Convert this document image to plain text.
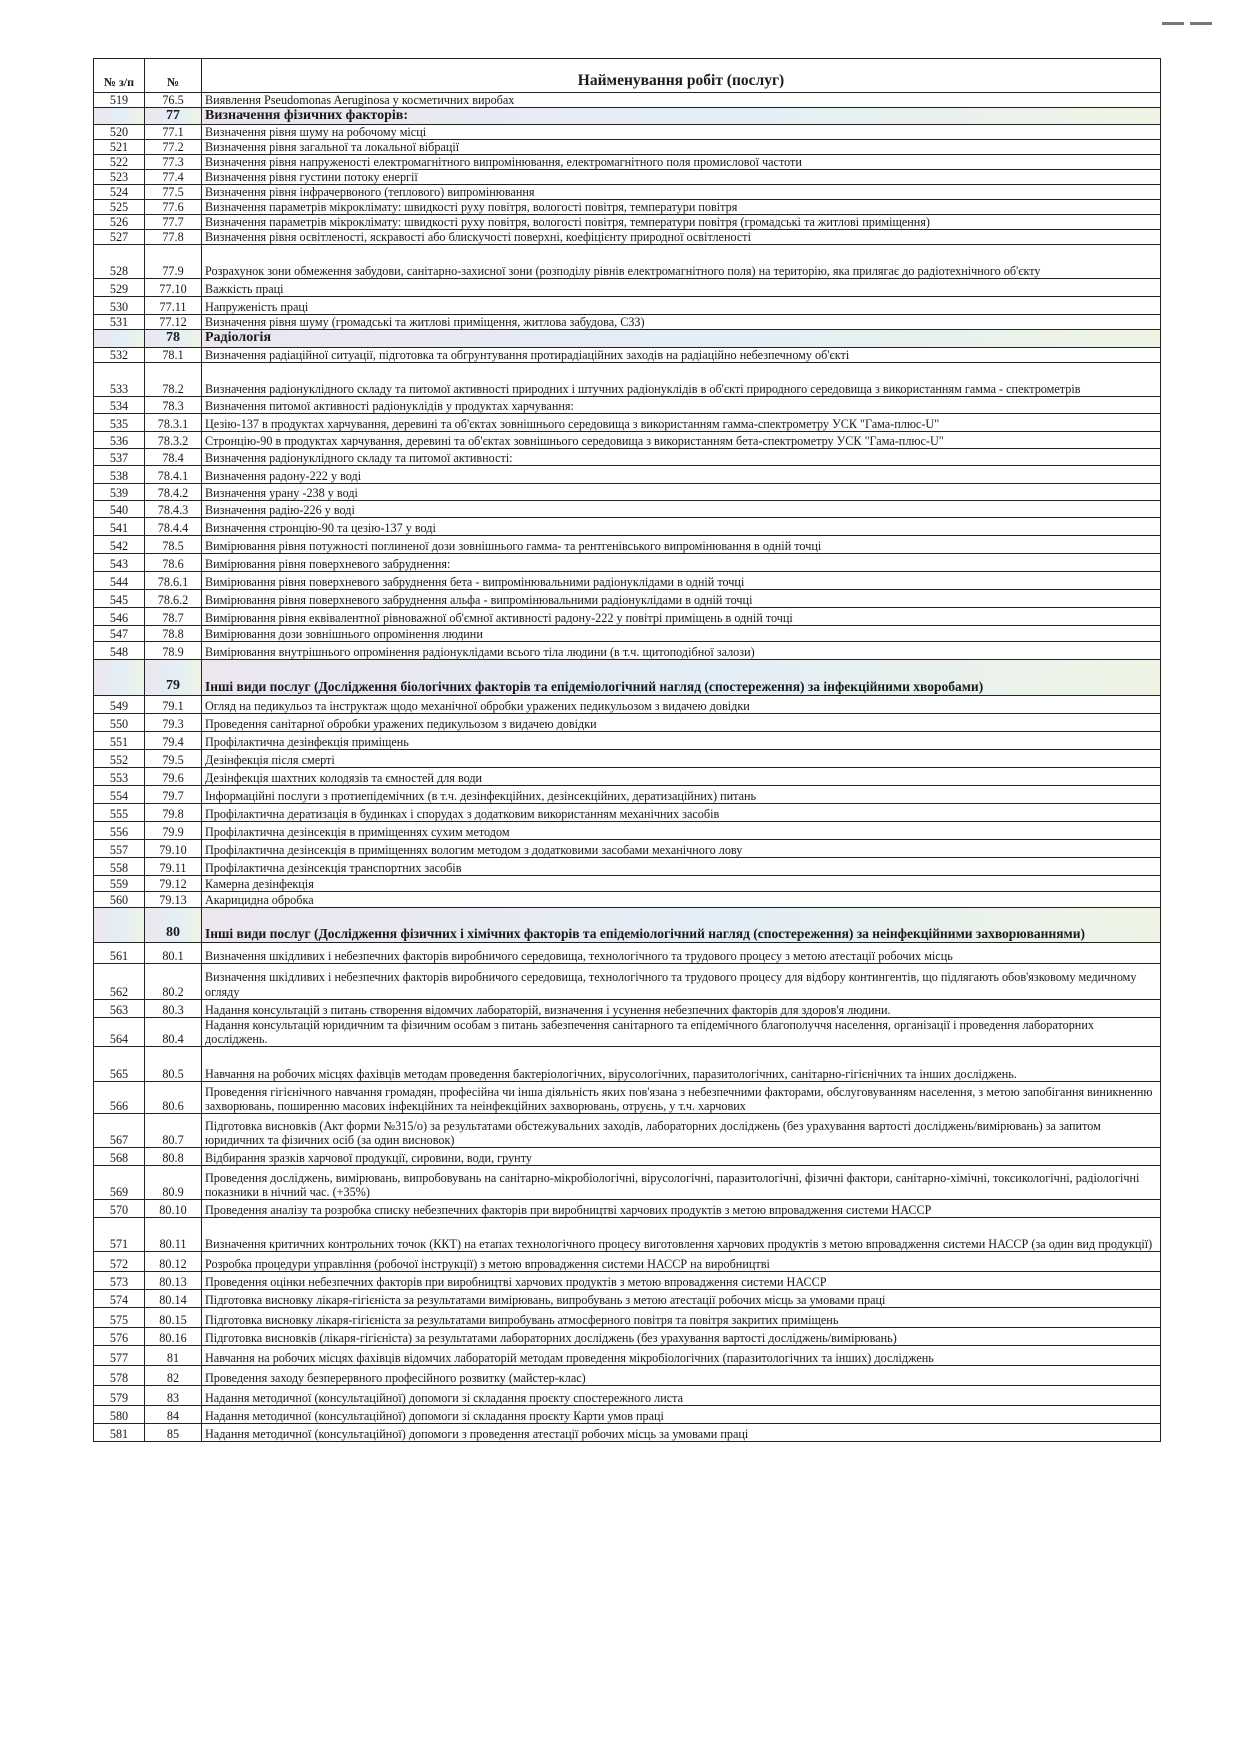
№ з/п	№	Найменування робіт (послуг)
519	76.5	Виявлення Pseudomonas Aeruginosa у косметичних виробах
	77	Визначення фізичних факторів:
520	77.1	Визначення рівня шуму на робочому місці
521	77.2	Визначення рівня загальної та локальної вібрації
522	77.3	Визначення рівня напруженості електромагнітного випромінювання, електромагнітного поля промислової частоти
523	77.4	Визначення рівня густини потоку енергії
524	77.5	Визначення рівня інфрачервоного (теплового) випромінювання
525	77.6	Визначення параметрів мікроклімату: швидкості руху повітря, вологості повітря, температури повітря
526	77.7	Визначення параметрів мікроклімату: швидкості руху повітря, вологості повітря, температури повітря (громадські та житлові приміщення)
527	77.8	Визначення рівня освітленості, яскравості або блискучості поверхні, коефіцієнту природної освітленості
528	77.9	Розрахунок зони обмеження забудови, санітарно-захисної зони (розподілу рівнів електромагнітного поля) на територію, яка прилягає до радіотехнічного об'єкту
529	77.10	Важкість праці
530	77.11	Напруженість праці
531	77.12	Визначення рівня шуму (громадські та житлові приміщення, житлова забудова, СЗЗ)
	78	Радіологія
532	78.1	Визначення радіаційної ситуації, підготовка та обгрунтування протирадіаційних заходів на радіаційно небезпечному об'єкті
533	78.2	Визначення радіонуклідного складу та питомої активності природних і штучних радіонуклідів в об'єкті природного середовища з використанням гамма - спектрометрів
534	78.3	Визначення питомої активності радіонуклідів у продуктах харчування:
535	78.3.1	Цезію-137 в продуктах харчування, деревині та об'єктах зовнішнього середовища з використанням гамма-спектрометру УСК "Гама-плюс-U"
536	78.3.2	Стронцію-90 в продуктах харчування, деревині та об'єктах зовнішнього середовища з використанням бета-спектрометру УСК "Гама-плюс-U"
537	78.4	Визначення радіонуклідного складу та питомої активності:
538	78.4.1	Визначення радону-222 у воді
539	78.4.2	Визначення урану -238 у воді
540	78.4.3	Визначення радію-226 у воді
541	78.4.4	Визначення стронцію-90 та цезію-137 у воді
542	78.5	Вимірювання рівня потужності поглиненої дози зовнішнього гамма- та рентгенівського випромінювання в одній точці
543	78.6	Вимірювання рівня поверхневого забруднення:
544	78.6.1	Вимірювання рівня поверхневого забруднення бета - випромінювальними радіонуклідами в одній точці
545	78.6.2	Вимірювання рівня поверхневого забруднення альфа - випромінювальними радіонуклідами в одній точці
546	78.7	Вимірювання рівня еквівалентної рівноважної об'ємної активності радону-222 у повітрі приміщень в одній точці
547	78.8	Вимірювання дози зовнішнього опромінення людини
548	78.9	Вимірювання внутрішнього опромінення радіонуклідами всього тіла людини (в т.ч. щитоподібної залози)
	79	Інші види послуг (Дослідження біологічних факторів та епідеміологічний нагляд (спостереження) за інфекційними хворобами)
549	79.1	Огляд на педикульоз та інструктаж щодо механічної обробки уражених педикульозом з видачею довідки
550	79.3	Проведення санітарної обробки уражених педикульозом з видачею довідки
551	79.4	Профілактична дезінфекція приміщень
552	79.5	Дезінфекція після смерті
553	79.6	Дезінфекція шахтних колодязів та ємностей для води
554	79.7	Інформаційні послуги з протиепідемічних (в т.ч. дезінфекційних, дезінсекційних, дератизаційних) питань
555	79.8	Профілактична дератизація в будинках і спорудах з додатковим використанням механічних засобів
556	79.9	Профілактична дезінсекція в приміщеннях сухим методом
557	79.10	Профілактична дезінсекція в приміщеннях вологим методом з додатковими засобами механічного лову
558	79.11	Профілактична дезінсекція транспортних засобів
559	79.12	Камерна дезінфекція
560	79.13	Акарицидна обробка
	80	Інші види послуг (Дослідження фізичних і хімічних факторів та епідеміологічний нагляд (спостереження) за неінфекційними захворюваннями)
561	80.1	Визначення шкідливих і небезпечних факторів виробничого середовища, технологічного та трудового процесу з метою атестації робочих місць
562	80.2	Визначення шкідливих і небезпечних факторів виробничого середовища, технологічного та трудового процесу для відбору контингентів, що підлягають обов'язковому медичному огляду
563	80.3	Надання консультацій з питань створення відомчих лабораторій, визначення і усунення небезпечних факторів для здоров'я людини.
564	80.4	Надання консультацій юридичним та фізичним особам з питань забезпечення санітарного та епідемічного благополуччя населення, організації і проведення лабораторних досліджень.
565	80.5	Навчання на робочих місцях фахівців методам проведення бактеріологічних, вірусологічних, паразитологічних, санітарно-гігієнічних та інших досліджень.
566	80.6	Проведення гігієнічного навчання громадян, професійна чи інша діяльність яких пов'язана з небезпечними факторами, обслуговуванням населення, з метою запобігання виникненню захворювань, поширенню масових інфекційних та неінфекційних захворювань, отруєнь, у т.ч. харчових
567	80.7	Підготовка висновків (Акт форми №315/о) за результатами обстежувальних заходів, лабораторних досліджень (без урахування вартості досліджень/вимірювань) за запитом юридичних та фізичних осіб (за один висновок)
568	80.8	Відбирання зразків харчової продукції, сировини, води, грунту
569	80.9	Проведення досліджень, вимірювань, випробовувань на санітарно-мікробіологічні, вірусологічні, паразитологічні, фізичні фактори, санітарно-хімічні, токсикологічні, радіологічні показники в нічний час. (+35%)
570	80.10	Проведення аналізу та розробка списку небезпечних факторів при виробництві харчових продуктів з метою впровадження системи НАССР
571	80.11	Визначення критичних контрольних точок (ККТ) на етапах технологічного процесу виготовлення харчових продуктів з метою впровадження системи НАССР (за один вид продукції)
572	80.12	Розробка процедури управління (робочої інструкції) з метою впровадження системи НАССР на виробництві
573	80.13	Проведення оцінки небезпечних факторів при виробництві харчових продуктів з метою впровадження системи НАССР
574	80.14	Підготовка висновку лікаря-гігієніста за результатами вимірювань, випробувань з метою атестації робочих місць за умовами праці
575	80.15	Підготовка висновку лікаря-гігієніста за результатами випробувань атмосферного повітря та повітря закритих приміщень
576	80.16	Підготовка висновків (лікаря-гігієніста) за результатами лабораторних досліджень (без урахування вартості досліджень/вимірювань)
577	81	Навчання на робочих місцях фахівців відомчих лабораторій методам проведення мікробіологічних (паразитологічних та інших) досліджень
578	82	Проведення заходу безперервного професійного розвитку (майстер-клас)
579	83	Надання методичної (консультаційної) допомоги зі складання проєкту спостережного листа
580	84	Надання методичної (консультаційної) допомоги зі складання проєкту Карти умов праці
581	85	Надання методичної (консультаційної) допомоги з проведення атестації робочих місць за умовами праці
